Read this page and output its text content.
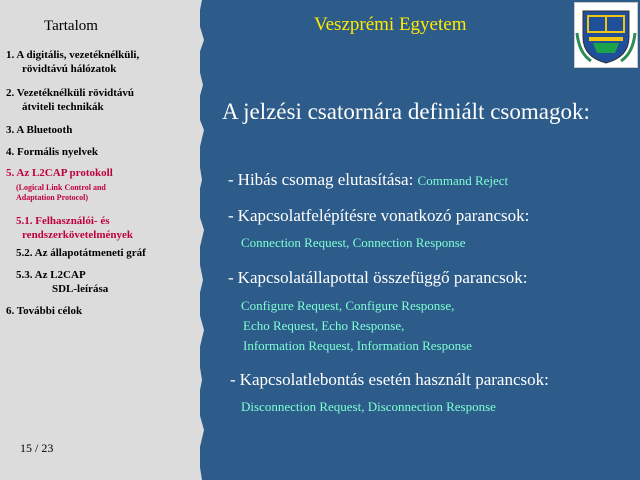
Tartalom
1. A digitális, vezetéknélküli,
rövidtávú hálózatok
2. Vezetéknélküli rövidtávú
átviteli technikák
3. A Bluetooth
4. Formális nyelvek
5. Az L2CAP protokoll
(Logical Link Control and
Adaptation Protocol)
5.1. Felhasználói- és
rendszerkövetelmények
5.2. Az állapotátmeneti gráf
5.3. Az L2CAP
SDL-leírása
6. További célok
15 / 23
Veszprémi Egyetem
A jelzési csatornára definiált csomagok:
- Hibás csomag elutasítása: Command Reject
- Kapcsolatfelépítésre vonatkozó parancsok:
Connection Request, Connection Response
- Kapcsolatállapottal összefüggő parancsok:
Configure Request, Configure Response,
Echo Request, Echo Response,
Information Request, Information Response
- Kapcsolatlebontás esetén használt parancsok:
Disconnection Request, Disconnection Response
